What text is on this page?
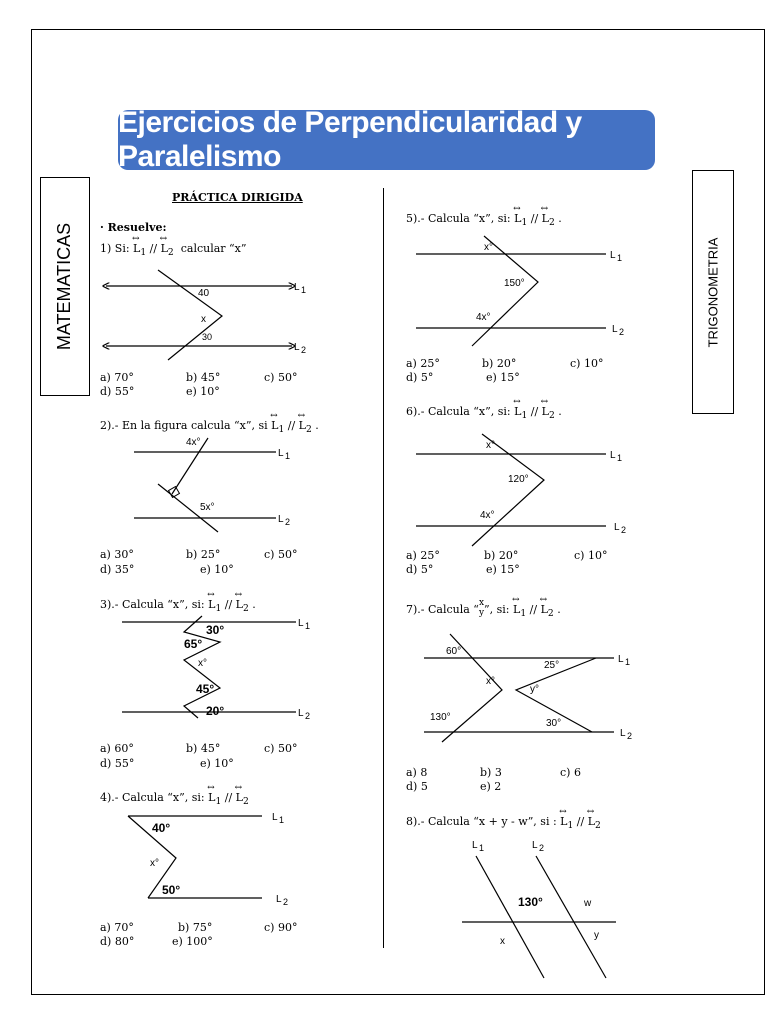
Ejercicios de Perpendicularidad y Paralelismo
MATEMATICAS	TRIGONOMETRIA
PRÁCTICA DIRIGIDA
· Resuelve:
1) Si: ↔ $L_1$ // ↔ $L_2$ calcular “x”
40
x
30
L 1
L 2
a) 70°	b) 45°	c) 50°
d) 55°	e) 10°
2).- En la figura calcula “x”, si ↔ $L_1$ // ↔ $L_2$ .
4x°
5x°
L 1
L 2
a) 30°	b) 25°	c) 50°
d) 35°	e) 10°
3).- Calcula “x”, si: ↔ $L_1$ // ↔ $L_2$ .
30°
65°
x°
45°
20°
L 1
L 2
a) 60°	b) 45°	c) 50°
d) 55°	e) 10°
4).- Calcula “x”, si: ↔ $L_1$ // ↔ $L_2$
40°
x°
50°
L 1
L 2
a) 70°	b) 75°	c) 90°
d) 80°	e) 100°
5).- Calcula “x”, si: ↔ $L_1$ // ↔ $L_2$ .
x°
150°
4x°
L 1
L 2
a) 25°	b) 20°	c) 10°
d) 5°	e) 15°
6).- Calcula “x”, si: ↔ $L_1$ // ↔ $L_2$ .
x°
120°
4x°
L 1
L 2
a) 25°	b) 20°	c) 10°
d) 5°	e) 15°
7).- Calcula “ x
y ”, si: ↔ $L_1$ // ↔ $L_2$ .
60°
25°
x°
y°
130°
30°
L 1
L 2
a) 8	b) 3	c) 6
d) 5	e) 2
8).- Calcula “x + y - w”, si : ↔ $L_1$ // ↔ $L_2$
L 1	L 2
130°	w
x
y
